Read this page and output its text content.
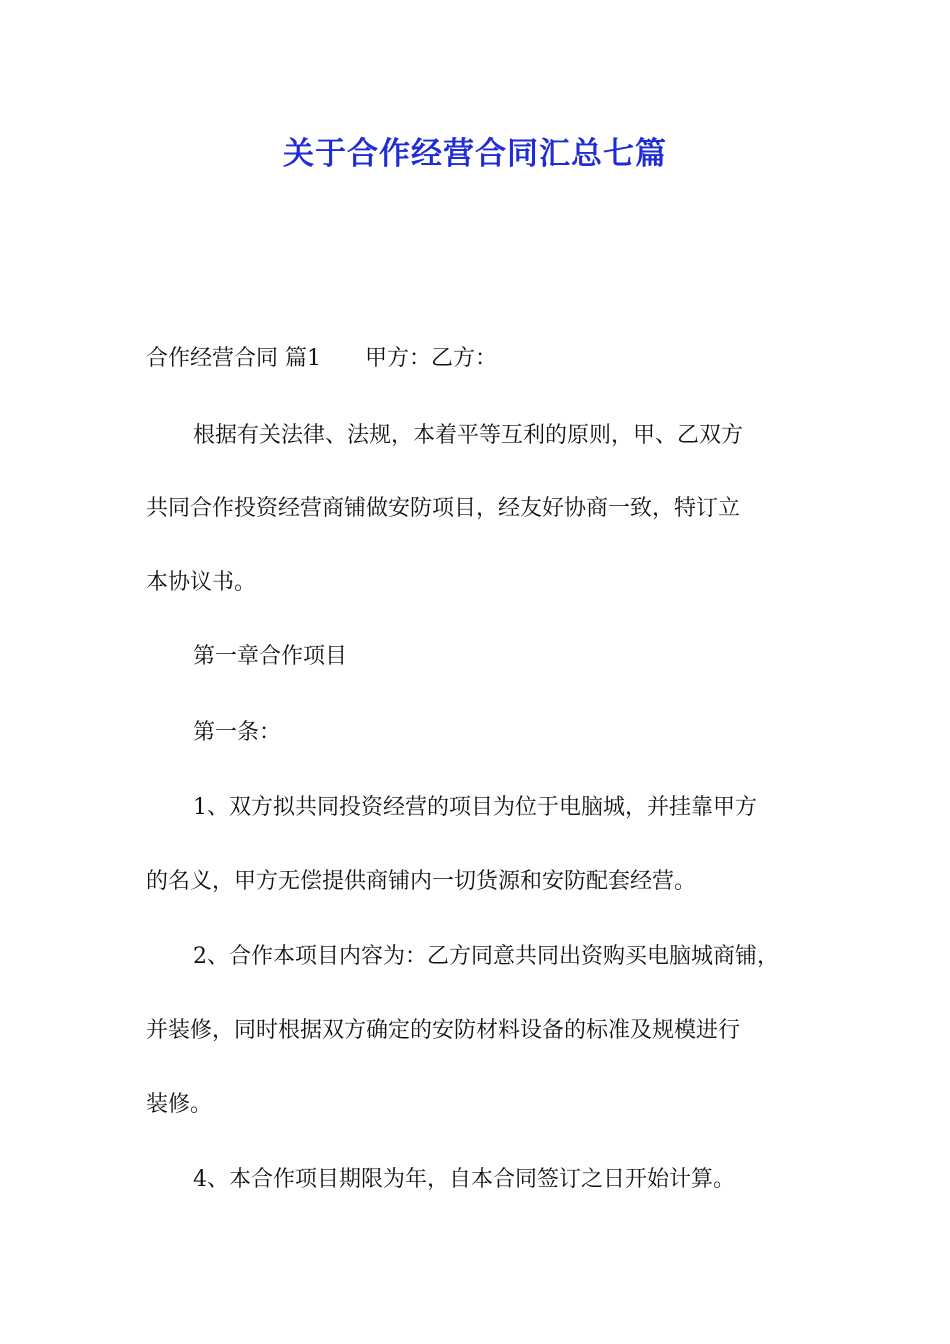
关于合作经营合同汇总七篇

合作经营合同 篇1 甲方：乙方：

根据有关法律、法规，本着平等互利的原则，甲、乙双方

共同合作投资经营商铺做安防项目，经友好协商一致，特订立

本协议书。

第一章合作项目

第一条：

1、双方拟共同投资经营的项目为位于电脑城，并挂靠甲方

的名义，甲方无偿提供商铺内一切货源和安防配套经营。

2、合作本项目内容为：乙方同意共同出资购买电脑城商铺，

并装修，同时根据双方确定的安防材料设备的标准及规模进行

装修。

4、本合作项目期限为年，自本合同签订之日开始计算。
